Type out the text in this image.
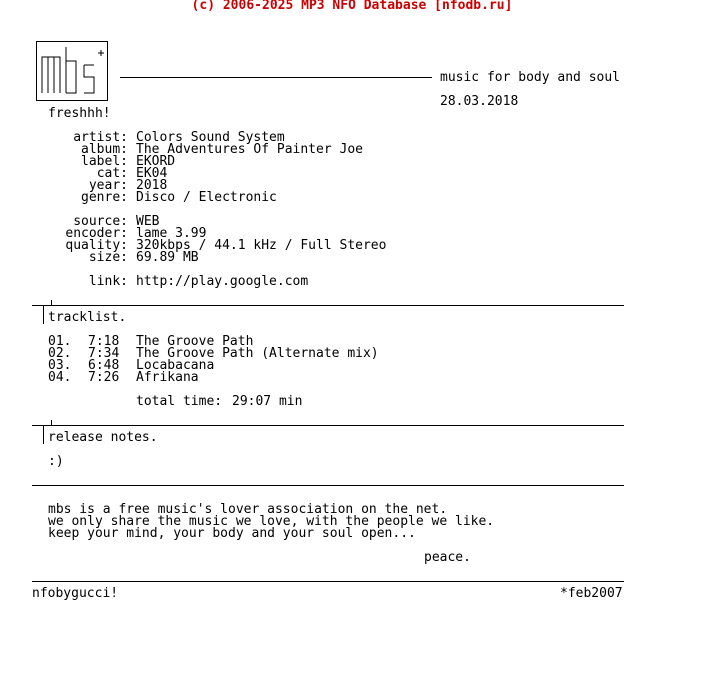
(c) 2006-2025 MP3 NFO Database [nfodb.ru]
music for body and soul
28.03.2018
freshhh!
artist: Colors Sound System
album: The Adventures Of Painter Joe
label: EKORD
cat: EK04
year: 2018
genre: Disco / Electronic
source: WEB
encoder: lame 3.99
quality: 320kbps / 44.1 kHz / Full Stereo
size: 69.89 MB
link: http://play.google.com
tracklist.
01. 7:18 The Groove Path
02. 7:34 The Groove Path (Alternate mix)
03. 6:48 Locabacana
04. 7:26 Afrikana
total time: 29:07 min
release notes.
:)
mbs is a free music's lover association on the net.
we only share the music we love, with the people we like.
keep your mind, your body and your soul open...
peace.
nfobygucci!	*feb2007
